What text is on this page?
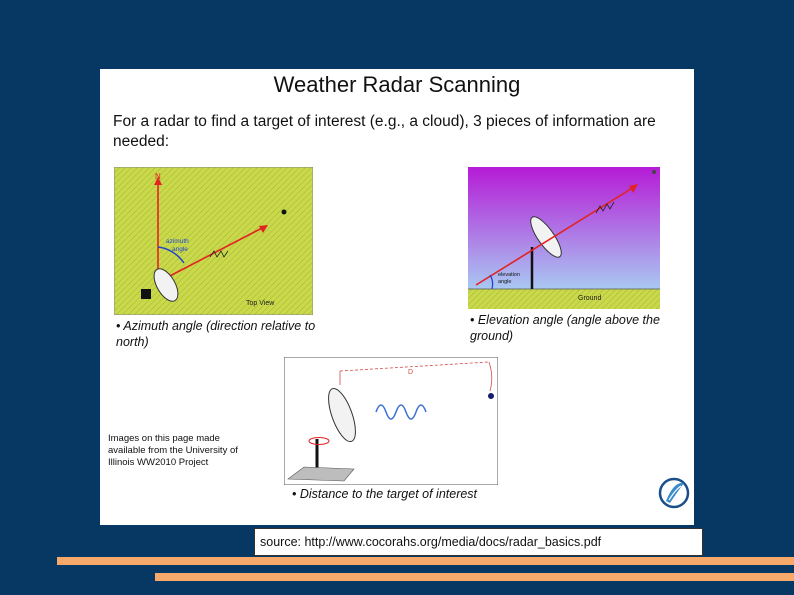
Weather Radar Scanning
For a radar to find a target of interest (e.g., a cloud), 3 pieces of information are needed:
N
azimuth
angle
Top View
• Azimuth angle (direction relative to north)
elevation
angle
Ground
• Elevation angle (angle above the ground)
D
• Distance to the target of interest
Images on this page made available from the University of Illinois WW2010 Project
source: http://www.cocorahs.org/media/docs/radar_basics.pdf
